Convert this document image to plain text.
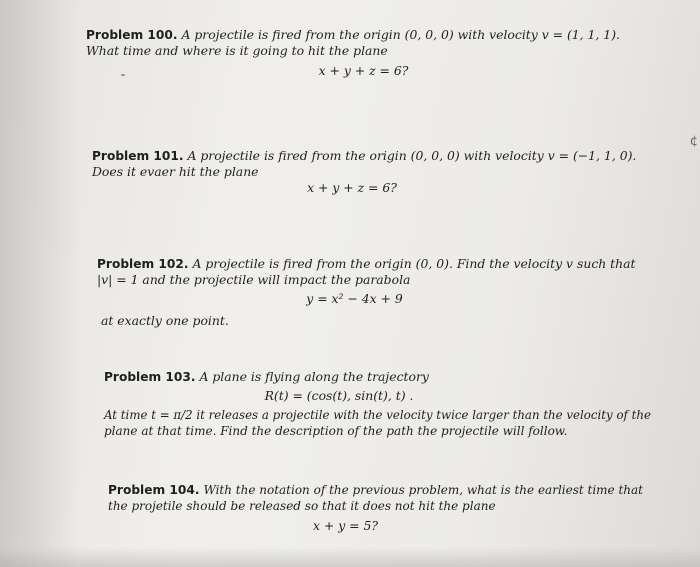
Problem 100. A projectile is fired from the origin (0, 0, 0) with velocity v = (1, 1, 1).
What time and where is it going to hit the plane
x + y + z = 6?
Problem 101. A projectile is fired from the origin (0, 0, 0) with velocity v = (−1, 1, 0).
Does it evaer hit the plane
x + y + z = 6?
Problem 102. A projectile is fired from the origin (0, 0). Find the velocity v such that
|v| = 1 and the projectile will impact the parabola
y = x² − 4x + 9
at exactly one point.
Problem 103. A plane is flying along the trajectory
R(t) = (cos(t), sin(t), t) .
At time t = π/2 it releases a projectile with the velocity twice larger than the velocity of the
plane at that time. Find the description of the path the projectile will follow.
Problem 104. With the notation of the previous problem, what is the earliest time that
the projetile should be released so that it does not hit the plane
x + y = 5?
¢
